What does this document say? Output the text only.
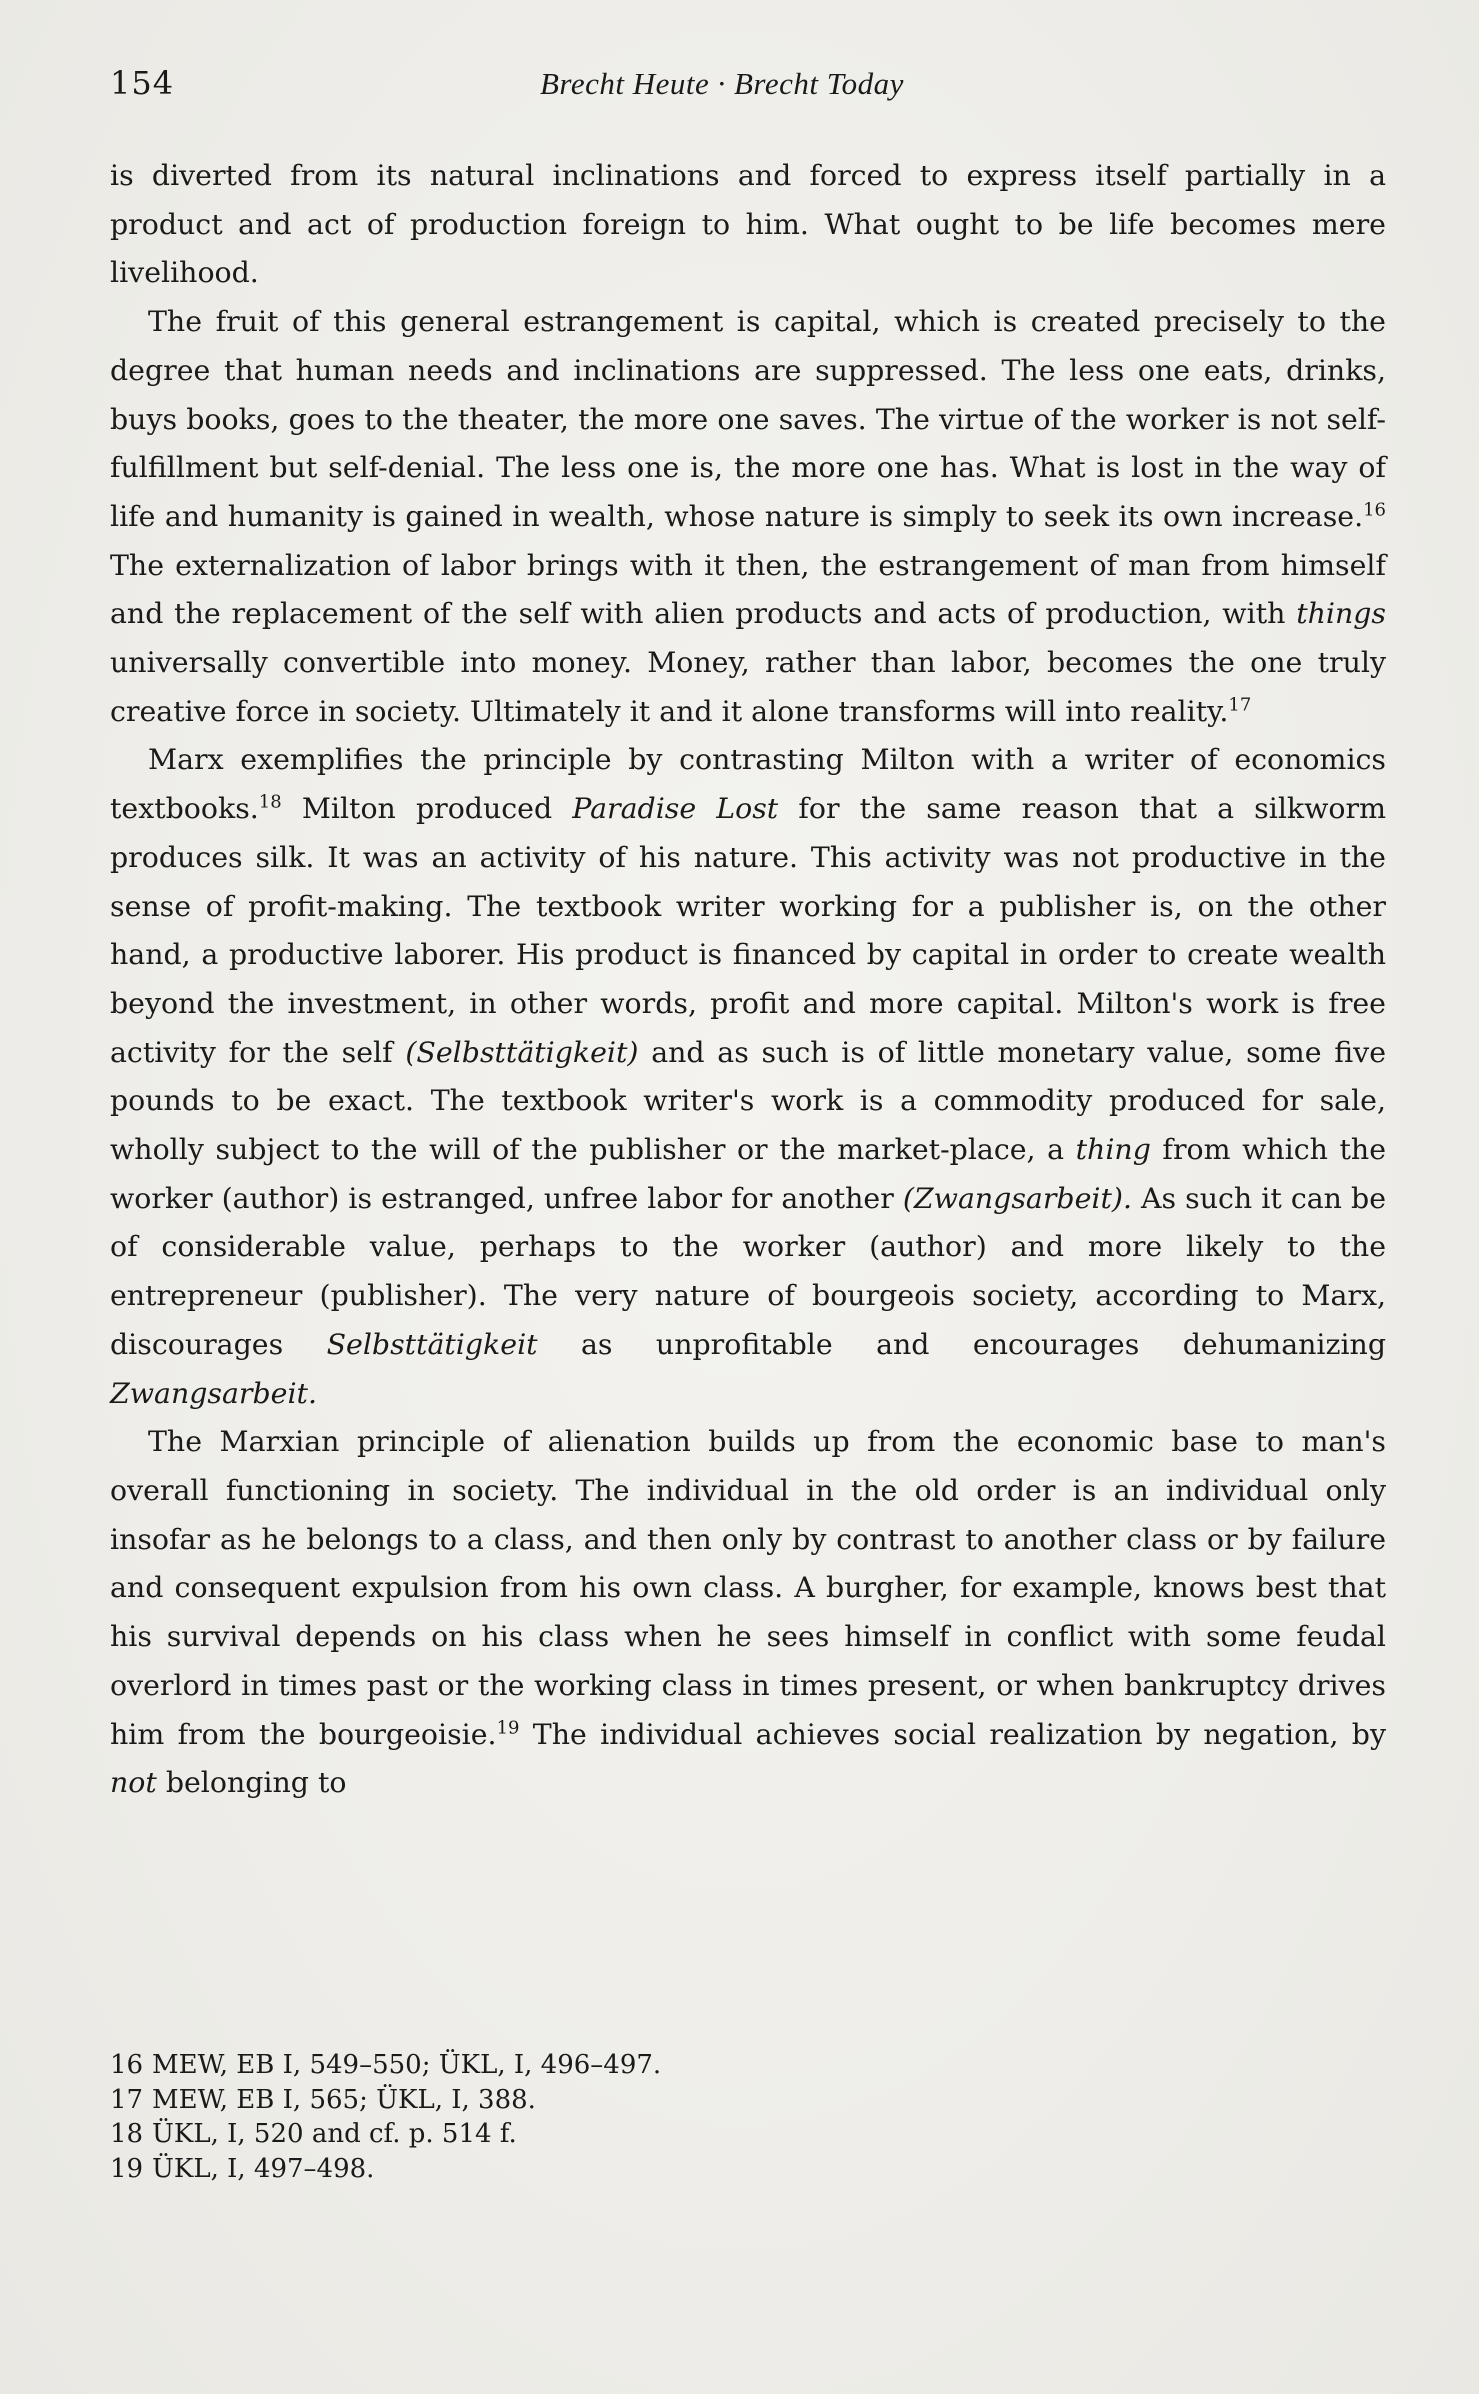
154	Brecht Heute · Brecht Today

is diverted from its natural inclinations and forced to express itself partially in a product and act of production foreign to him. What ought to be life becomes mere livelihood.

The fruit of this general estrangement is capital, which is created precisely to the degree that human needs and inclinations are suppressed. The less one eats, drinks, buys books, goes to the theater, the more one saves. The virtue of the worker is not self-fulfillment but self-denial. The less one is, the more one has. What is lost in the way of life and humanity is gained in wealth, whose nature is simply to seek its own increase.$^{16}$ The externalization of labor brings with it then, the estrangement of man from himself and the replacement of the self with alien products and acts of production, with things universally convertible into money. Money, rather than labor, becomes the one truly creative force in society. Ultimately it and it alone transforms will into reality.$^{17}$

Marx exemplifies the principle by contrasting Milton with a writer of economics textbooks.$^{18}$ Milton produced Paradise Lost for the same reason that a silkworm produces silk. It was an activity of his nature. This activity was not productive in the sense of profit-making. The textbook writer working for a publisher is, on the other hand, a productive laborer. His product is financed by capital in order to create wealth beyond the investment, in other words, profit and more capital. Milton's work is free activity for the self (Selbsttätigkeit) and as such is of little monetary value, some five pounds to be exact. The textbook writer's work is a commodity produced for sale, wholly subject to the will of the publisher or the market-place, a thing from which the worker (author) is estranged, unfree labor for another (Zwangsarbeit). As such it can be of considerable value, perhaps to the worker (author) and more likely to the entrepreneur (publisher). The very nature of bourgeois society, according to Marx, discourages Selbsttätigkeit as unprofitable and encourages dehumanizing Zwangsarbeit.

The Marxian principle of alienation builds up from the economic base to man's overall functioning in society. The individual in the old order is an individual only insofar as he belongs to a class, and then only by contrast to another class or by failure and consequent expulsion from his own class. A burgher, for example, knows best that his survival depends on his class when he sees himself in conflict with some feudal overlord in times past or the working class in times present, or when bankruptcy drives him from the bourgeoisie.$^{19}$ The individual achieves social realization by negation, by not belonging to

16 MEW, EB I, 549–550; ÜKL, I, 496–497.
17 MEW, EB I, 565; ÜKL, I, 388.
18 ÜKL, I, 520 and cf. p. 514 f.
19 ÜKL, I, 497–498.
